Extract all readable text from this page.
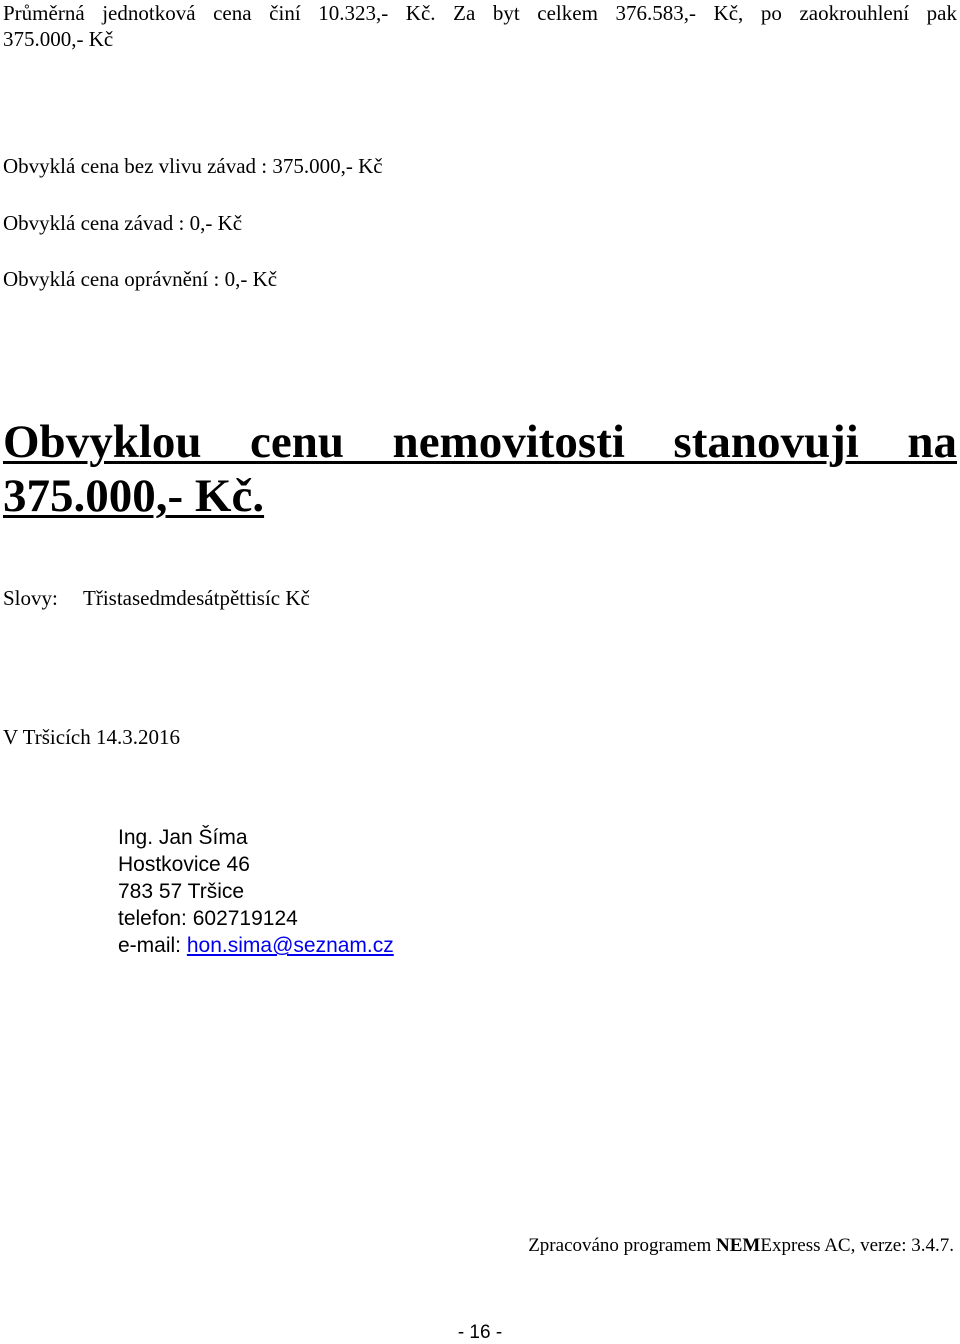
Průměrná jednotková cena činí 10.323,- Kč. Za byt celkem 376.583,- Kč, po zaokrouhlení pak
375.000,- Kč
Obvyklá cena bez vlivu závad : 375.000,- Kč
Obvyklá cena závad : 0,- Kč
Obvyklá cena oprávnění : 0,- Kč
Obvyklou cenu nemovitosti stanovuji na
375.000,- Kč.
Slovy: Třistasedmdesátpěttisíc Kč
V Tršicích 14.3.2016
Ing. Jan Šíma
Hostkovice 46
783 57 Tršice
telefon: 602719124
e-mail: hon.sima@seznam.cz
Zpracováno programem NEMExpress AC, verze: 3.4.7.
- 16 -
